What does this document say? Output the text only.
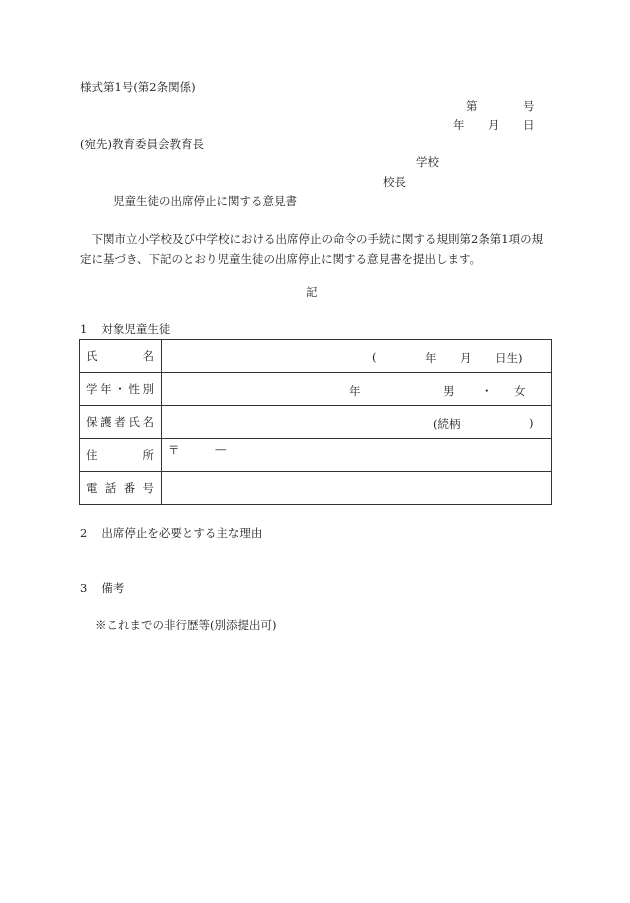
様式第1号(第2条関係)
第	号
年 月 日
(宛先)教育委員会教育長
学校
校長
児童生徒の出席停止に関する意見書
　下関市立小学校及び中学校における出席停止の命令の手続に関する規則第2条第1項の規定に基づき、下記のとおり児童生徒の出席停止に関する意見書を提出します。
記
1 対象児童生徒
氏 名	( 年 月 日生)

学 年 ・ 性 別	年 男 ・ 女

保 護 者 氏 名	(続柄 )

住 所	〒 —

電 話 番 号	

2 出席停止を必要とする主な理由
3 備考
※これまでの非行歴等(別添提出可)
